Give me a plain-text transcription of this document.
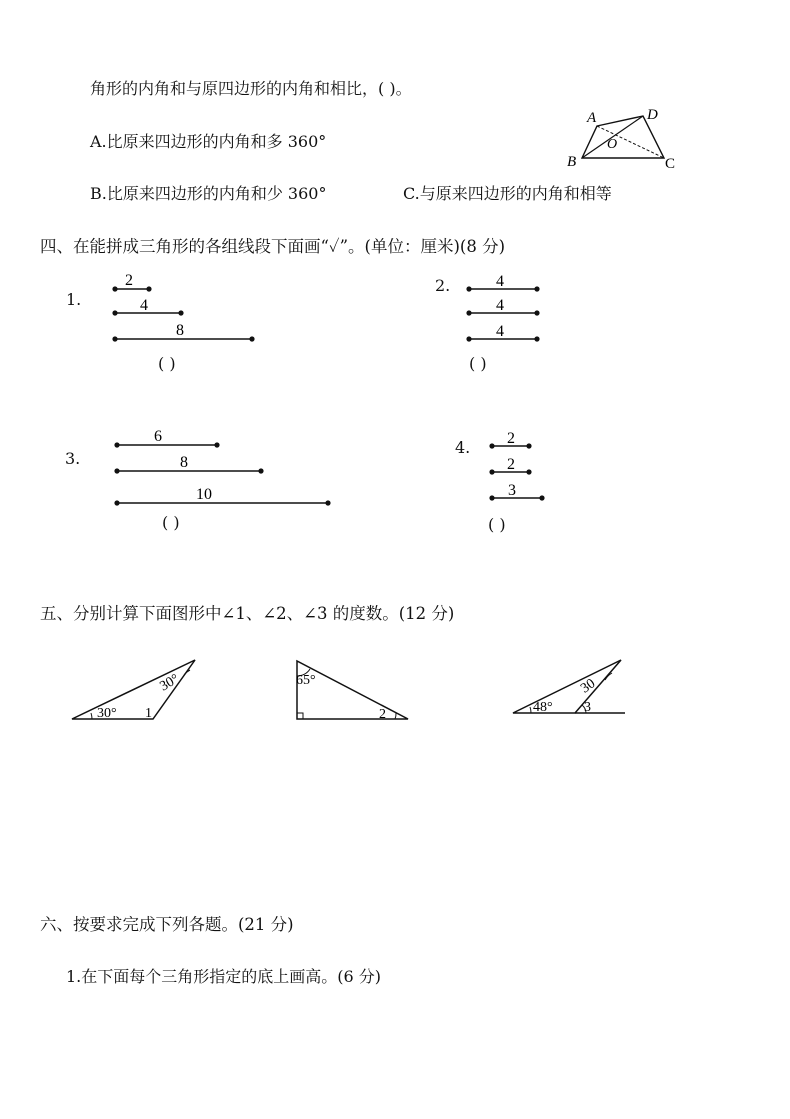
角形的内角和与原四边形的内角和相比，( )。
A.比原来四边形的内角和多 360°
B.比原来四边形的内角和少 360°	C.与原来四边形的内角和相等
A	D
O
B	C
四、在能拼成三角形的各组线段下面画“✓”。(单位：厘米)(8 分)
1.
2.
3.
4.
( )	( )
( )	( )
2
4
8
4
4
4
6
8
10
2
2
3
五、分别计算下面图形中∠1、∠2、∠3 的度数。(12 分)
30°
30°
1
65°
2	48°
30
3
六、按要求完成下列各题。(21 分)
1.在下面每个三角形指定的底上画高。(6 分)
